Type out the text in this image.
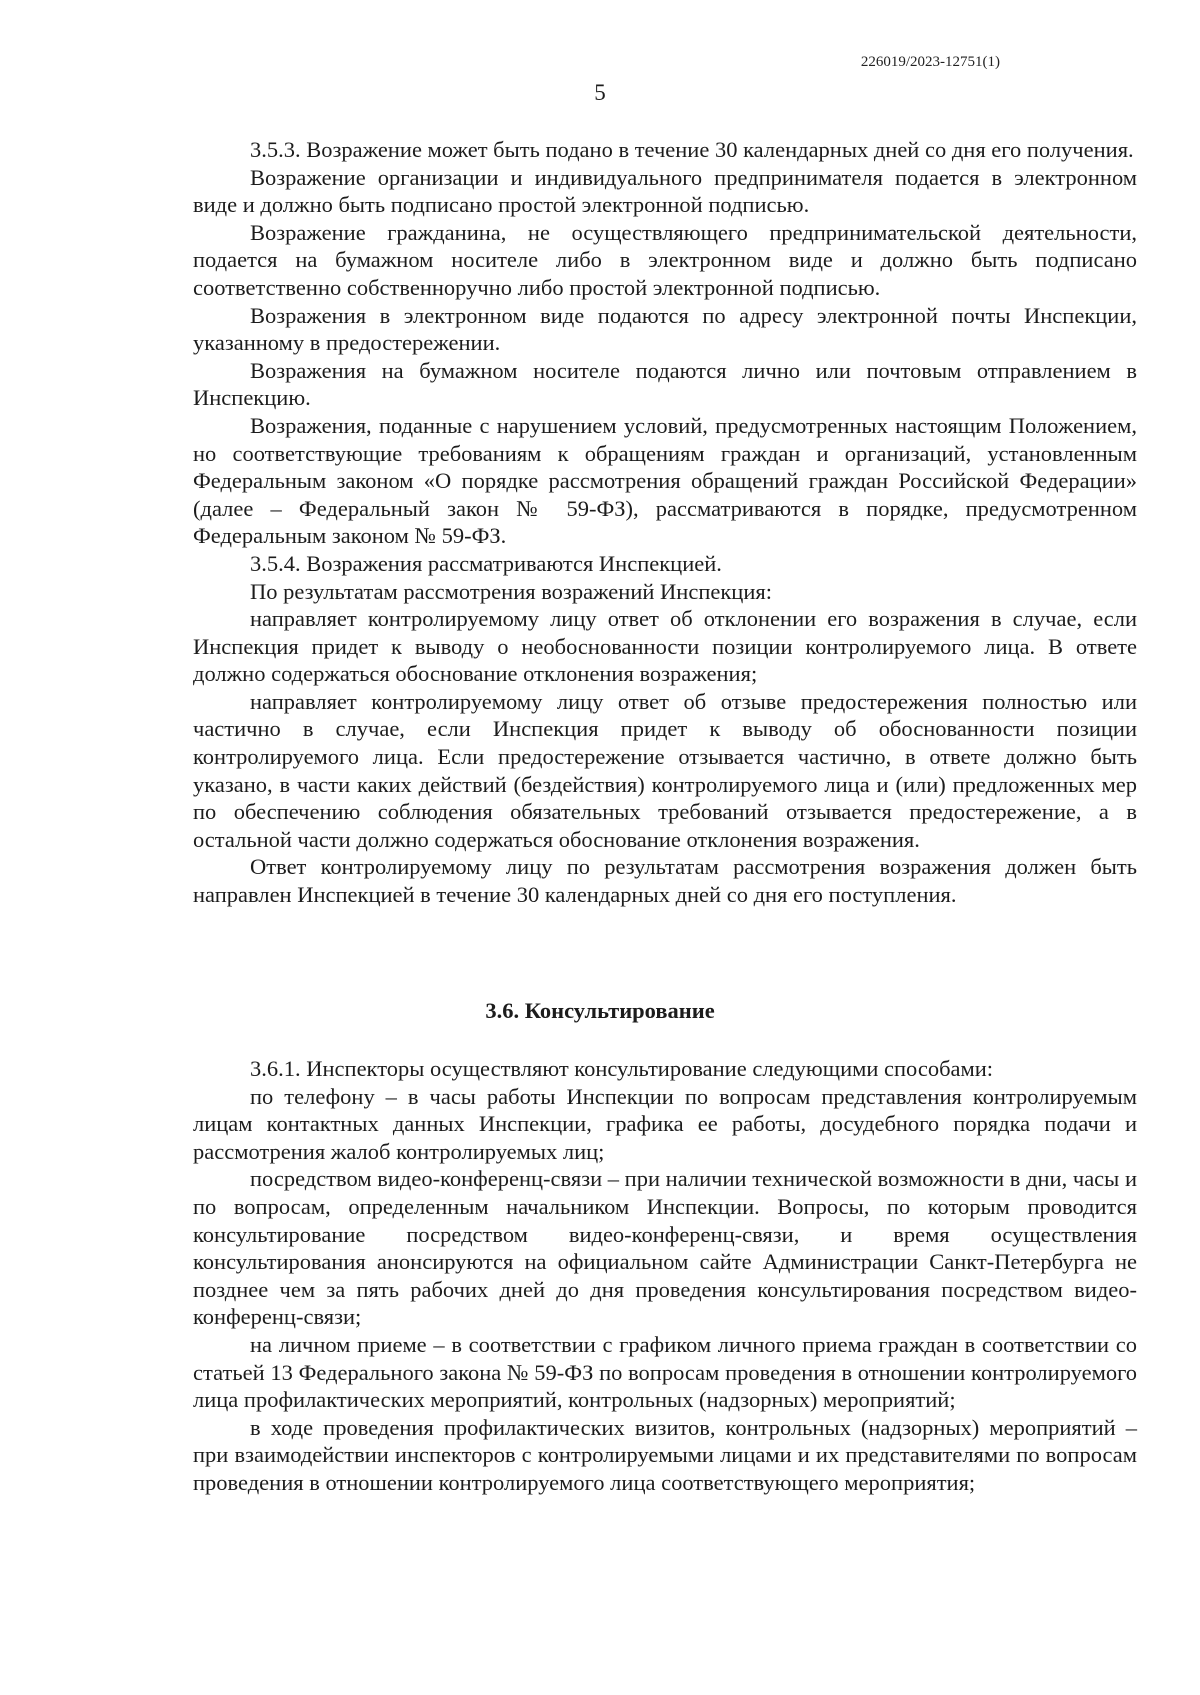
226019/2023-12751(1)
5

3.5.3. Возражение может быть подано в течение 30 календарных дней со дня его получения.

Возражение организации и индивидуального предпринимателя подается в электронном виде и должно быть подписано простой электронной подписью.

Возражение гражданина, не осуществляющего предпринимательской деятельности, подается на бумажном носителе либо в электронном виде и должно быть подписано соответственно собственноручно либо простой электронной подписью.

Возражения в электронном виде подаются по адресу электронной почты Инспекции, указанному в предостережении.

Возражения на бумажном носителе подаются лично или почтовым отправлением в Инспекцию.

Возражения, поданные с нарушением условий, предусмотренных настоящим Положением, но соответствующие требованиям к обращениям граждан и организаций, установленным Федеральным законом «О порядке рассмотрения обращений граждан Российской Федерации» (далее – Федеральный закон № 59-ФЗ), рассматриваются в порядке, предусмотренном Федеральным законом № 59-ФЗ.

3.5.4. Возражения рассматриваются Инспекцией.

По результатам рассмотрения возражений Инспекция:

направляет контролируемому лицу ответ об отклонении его возражения в случае, если Инспекция придет к выводу о необоснованности позиции контролируемого лица. В ответе должно содержаться обоснование отклонения возражения;

направляет контролируемому лицу ответ об отзыве предостережения полностью или частично в случае, если Инспекция придет к выводу об обоснованности позиции контролируемого лица. Если предостережение отзывается частично, в ответе должно быть указано, в части каких действий (бездействия) контролируемого лица и (или) предложенных мер по обеспечению соблюдения обязательных требований отзывается предостережение, а в остальной части должно содержаться обоснование отклонения возражения.

Ответ контролируемому лицу по результатам рассмотрения возражения должен быть направлен Инспекцией в течение 30 календарных дней со дня его поступления.

3.6. Консультирование

3.6.1. Инспекторы осуществляют консультирование следующими способами:

по телефону – в часы работы Инспекции по вопросам представления контролируемым лицам контактных данных Инспекции, графика ее работы, досудебного порядка подачи и рассмотрения жалоб контролируемых лиц;

посредством видео-конференц-связи – при наличии технической возможности в дни, часы и по вопросам, определенным начальником Инспекции. Вопросы, по которым проводится консультирование посредством видео-конференц-связи, и время осуществления консультирования анонсируются на официальном сайте Администрации Санкт-Петербурга не позднее чем за пять рабочих дней до дня проведения консультирования посредством видео-конференц-связи;

на личном приеме – в соответствии с графиком личного приема граждан в соответствии со статьей 13 Федерального закона № 59-ФЗ по вопросам проведения в отношении контролируемого лица профилактических мероприятий, контрольных (надзорных) мероприятий;

в ходе проведения профилактических визитов, контрольных (надзорных) мероприятий – при взаимодействии инспекторов с контролируемыми лицами и их представителями по вопросам проведения в отношении контролируемого лица соответствующего мероприятия;
